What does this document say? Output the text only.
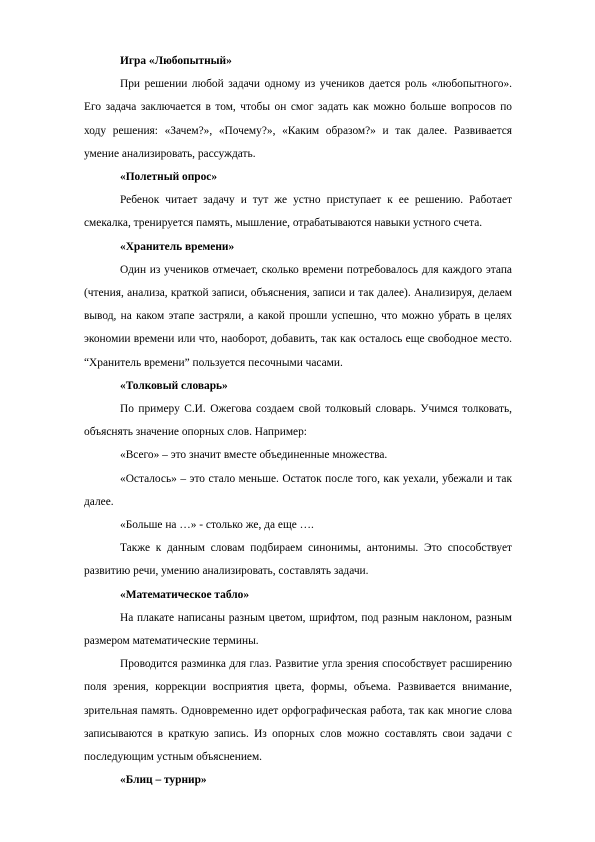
Игра «Любопытный»

При решении любой задачи одному из учеников дается роль «любопытного». Его задача заключается в том, чтобы он смог задать как можно больше вопросов по ходу решения: «Зачем?», «Почему?», «Каким образом?» и так далее. Развивается умение анализировать, рассуждать.

«Полетный опрос»

Ребенок читает задачу и тут же устно приступает к ее решению. Работает смекалка, тренируется память, мышление, отрабатываются навыки устного счета.

«Хранитель времени»

Один из учеников отмечает, сколько времени потребовалось для каждого этапа (чтения, анализа, краткой записи, объяснения, записи и так далее). Анализируя, делаем вывод, на каком этапе застряли, а какой прошли успешно, что можно убрать в целях экономии времени или что, наоборот, добавить, так как осталось еще свободное место. “Хранитель времени” пользуется песочными часами.

«Толковый словарь»

По примеру С.И. Ожегова создаем свой толковый словарь. Учимся толковать, объяснять значение опорных слов. Например:

«Всего» – это значит вместе объединенные множества.

«Осталось» – это стало меньше. Остаток после того, как уехали, убежали и так далее.

«Больше на …» - столько же, да еще ….

Также к данным словам подбираем синонимы, антонимы. Это способствует развитию речи, умению анализировать, составлять задачи.

«Математическое табло»

На плакате написаны разным цветом, шрифтом, под разным наклоном, разным размером математические термины.

Проводится разминка для глаз. Развитие угла зрения способствует расширению поля зрения, коррекции восприятия цвета, формы, объема. Развивается внимание, зрительная память. Одновременно идет орфографическая работа, так как многие слова записываются в краткую запись. Из опорных слов можно составлять свои задачи с последующим устным объяснением.

«Блиц – турнир»
